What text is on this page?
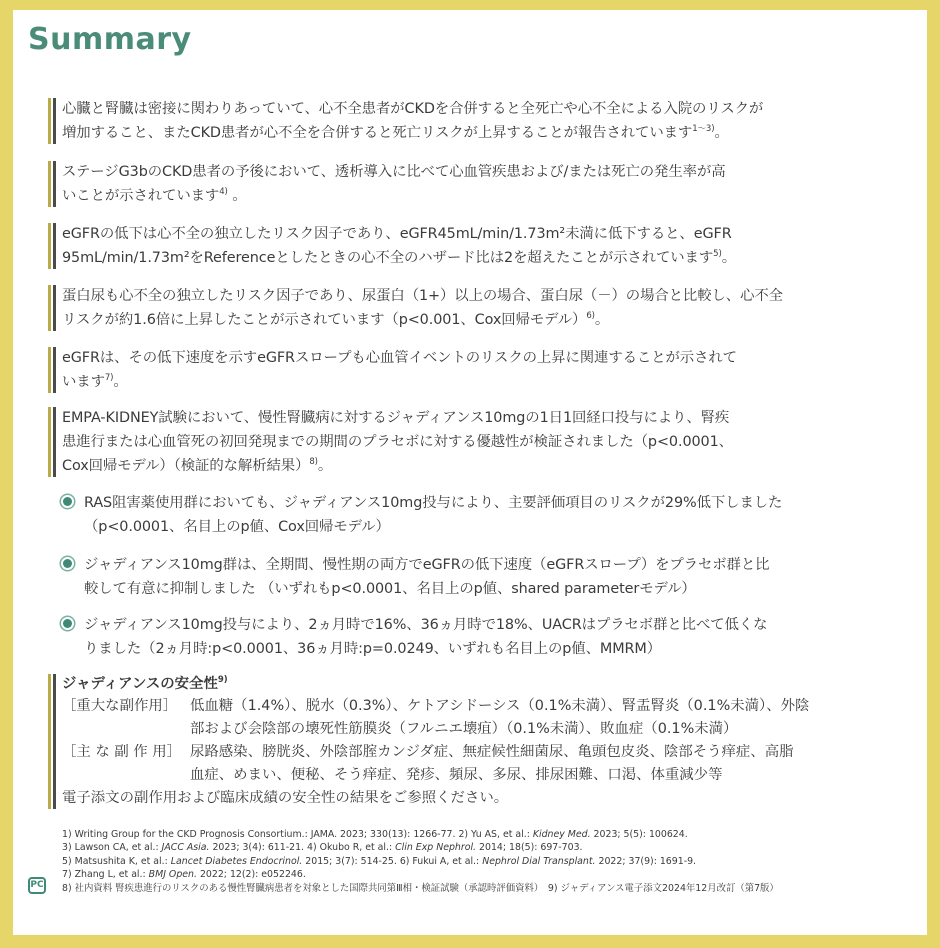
Summary
心臓と腎臓は密接に関わりあっていて、心不全患者がCKDを合併すると全死亡や心不全による入院のリスクが
増加すること、またCKD患者が心不全を合併すると死亡リスクが上昇することが報告されています$^{1\sim 3)}$。
ステージG3bのCKD患者の予後において、透析導入に比べて心血管疾患および/または死亡の発生率が高
いことが示されています$^{4)}$ 。
eGFRの低下は心不全の独立したリスク因子であり、eGFR45mL/min/1.73m²未満に低下すると、eGFR
95mL/min/1.73m²をReferenceとしたときの心不全のハザード比は2を超えたことが示されています$^{5)}$。
蛋白尿も心不全の独立したリスク因子であり、尿蛋白（1+）以上の場合、蛋白尿（－）の場合と比較し、心不全
リスクが約1.6倍に上昇したことが示されています（p<0.001、Cox回帰モデル）$^{6)}$。
eGFRは、その低下速度を示すeGFRスロープも心血管イベントのリスクの上昇に関連することが示されて
います$^{7)}$。
EMPA-KIDNEY試験において、慢性腎臓病に対するジャディアンス10mgの1日1回経口投与により、腎疾
患進行または心血管死の初回発現までの期間のプラセボに対する優越性が検証されました（p<0.0001、
Cox回帰モデル）（検証的な解析結果）$^{8)}$。
RAS阻害薬使用群においても、ジャディアンス10mg投与により、主要評価項目のリスクが29%低下しました
（p<0.0001、名目上のp値、Cox回帰モデル）
ジャディアンス10mg群は、全期間、慢性期の両方でeGFRの低下速度（eGFRスロープ）をプラセボ群と比
較して有意に抑制しました （いずれもp<0.0001、名目上のp値、shared parameterモデル）
ジャディアンス10mg投与により、2ヵ月時で16%、36ヵ月時で18%、UACRはプラセボ群と比べて低くな
りました（2ヵ月時:p<0.0001、36ヵ月時:p=0.0249、いずれも名目上のp値、MMRM）
ジャディアンスの安全性$^{9)}$
［重大な副作用］ 低血糖（1.4%）、脱水（0.3%）、ケトアシドーシス（0.1%未満）、腎盂腎炎（0.1%未満）、外陰
部および会陰部の壊死性筋膜炎（フルニエ壊疽）（0.1%未満）、敗血症（0.1%未満）
［主 な 副 作 用］ 尿路感染、膀胱炎、外陰部腟カンジダ症、無症候性細菌尿、亀頭包皮炎、陰部そう痒症、高脂
血症、めまい、便秘、そう痒症、発疹、頻尿、多尿、排尿困難、口渇、体重減少等
電子添文の副作用および臨床成績の安全性の結果をご参照ください。
1) Writing Group for the CKD Prognosis Consortium.: JAMA. 2023; 330(13): 1266-77. 2) Yu AS, et al.: Kidney Med. 2023; 5(5): 100624.
3) Lawson CA, et al.: JACC Asia. 2023; 3(4): 611-21. 4) Okubo R, et al.: Clin Exp Nephrol. 2014; 18(5): 697-703.
5) Matsushita K, et al.: Lancet Diabetes Endocrinol. 2015; 3(7): 514-25. 6) Fukui A, et al.: Nephrol Dial Transplant. 2022; 37(9): 1691-9.
7) Zhang L, et al.: BMJ Open. 2022; 12(2): e052246.
8) 社内資料 腎疾患進行のリスクのある慢性腎臓病患者を対象とした国際共同第Ⅲ相・検証試験（承認時評価資料）　9) ジャディアンス電子添文2024年12月改訂（第7版）
PC
